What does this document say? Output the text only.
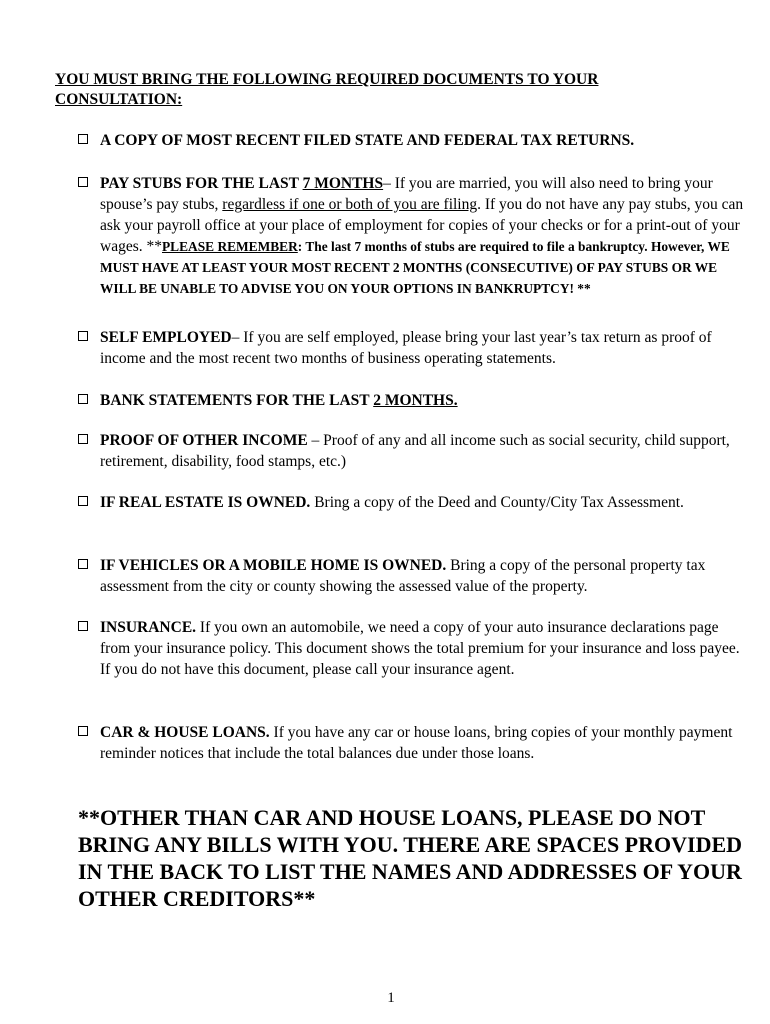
YOU MUST BRING THE FOLLOWING REQUIRED DOCUMENTS TO YOUR
CONSULTATION:
A COPY OF MOST RECENT FILED STATE AND FEDERAL TAX RETURNS.
PAY STUBS FOR THE LAST 7 MONTHS– If you are married, you will also need to bring your spouse’s pay stubs, regardless if one or both of you are filing. If you do not have any pay stubs, you can ask your payroll office at your place of employment for copies of your checks or for a print-out of your wages. **PLEASE REMEMBER: The last 7 months of stubs are required to file a bankruptcy. However, WE MUST HAVE AT LEAST YOUR MOST RECENT 2 MONTHS (CONSECUTIVE) OF PAY STUBS OR WE WILL BE UNABLE TO ADVISE YOU ON YOUR OPTIONS IN BANKRUPTCY! **
SELF EMPLOYED– If you are self employed, please bring your last year’s tax return as proof of income and the most recent two months of business operating statements.
BANK STATEMENTS FOR THE LAST 2 MONTHS.
PROOF OF OTHER INCOME – Proof of any and all income such as social security, child support, retirement, disability, food stamps, etc.)
IF REAL ESTATE IS OWNED. Bring a copy of the Deed and County/City Tax Assessment.
IF VEHICLES OR A MOBILE HOME IS OWNED. Bring a copy of the personal property tax assessment from the city or county showing the assessed value of the property.
INSURANCE. If you own an automobile, we need a copy of your auto insurance declarations page from your insurance policy. This document shows the total premium for your insurance and loss payee. If you do not have this document, please call your insurance agent.
CAR & HOUSE LOANS. If you have any car or house loans, bring copies of your monthly payment reminder notices that include the total balances due under those loans.
**OTHER THAN CAR AND HOUSE LOANS, PLEASE DO NOT BRING ANY BILLS WITH YOU. THERE ARE SPACES PROVIDED IN THE BACK TO LIST THE NAMES AND ADDRESSES OF YOUR OTHER CREDITORS**
1
